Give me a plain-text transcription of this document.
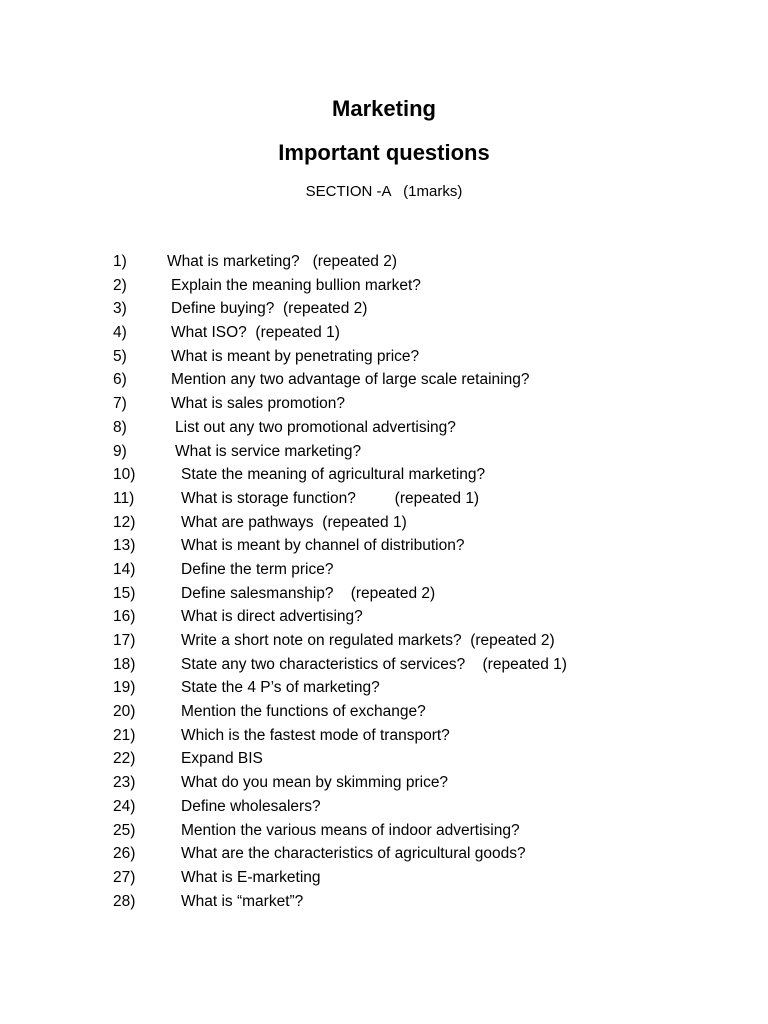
Marketing
Important questions
SECTION -A   (1marks)
1)	What is marketing?   (repeated 2)
2)	Explain the meaning bullion market?
3)	Define buying?  (repeated 2)
4)	What ISO?  (repeated 1)
5)	What is meant by penetrating price?
6)	Mention any two advantage of large scale retaining?
7)	What is sales promotion?
8)	List out any two promotional advertising?
9)	What is service marketing?
10)	State the meaning of agricultural marketing?
11)	What is storage function?         (repeated 1)
12)	What are pathways  (repeated 1)
13)	What is meant by channel of distribution?
14)	Define the term price?
15)	Define salesmanship?    (repeated 2)
16)	What is direct advertising?
17)	Write a short note on regulated markets?  (repeated 2)
18)	State any two characteristics of services?    (repeated 1)
19)	State the 4 P’s of marketing?
20)	Mention the functions of exchange?
21)	Which is the fastest mode of transport?
22)	Expand BIS
23)	What do you mean by skimming price?
24)	Define wholesalers?
25)	Mention the various means of indoor advertising?
26)	What are the characteristics of agricultural goods?
27)	What is E-marketing
28)	What is “market”?
